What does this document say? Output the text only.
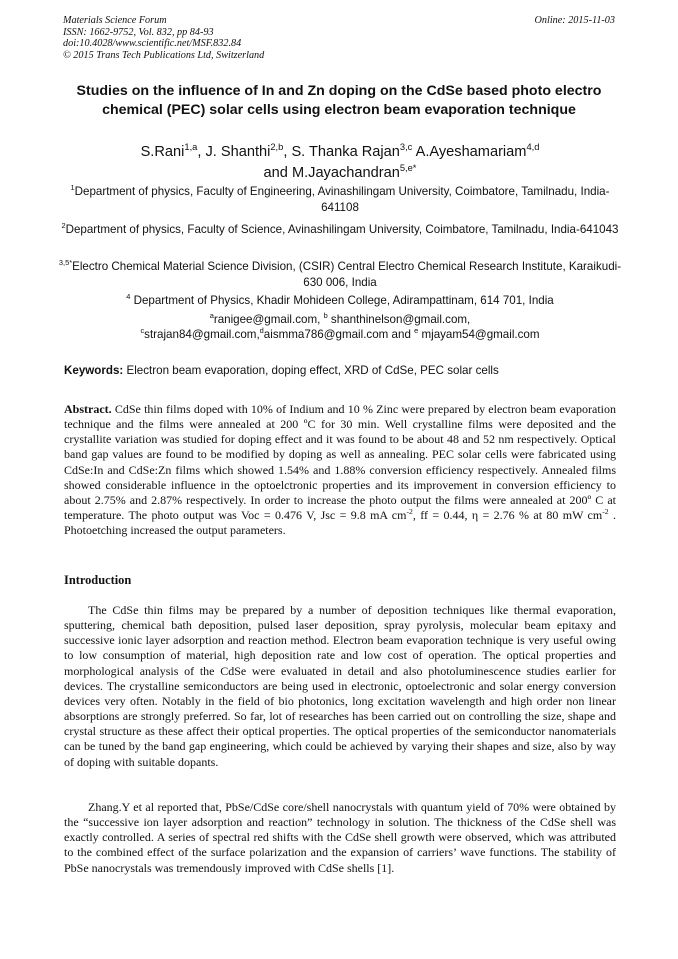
Materials Science Forum
ISSN: 1662-9752, Vol. 832, pp 84-93
doi:10.4028/www.scientific.net/MSF.832.84
© 2015 Trans Tech Publications Ltd, Switzerland
Online: 2015-11-03
Studies on the influence of In and Zn doping on the CdSe based photo electro chemical (PEC) solar cells using electron beam evaporation technique
S.Rani$^{1,a}$, J. Shanthi$^{2,b}$, S. Thanka Rajan$^{3,c}$ A.Ayeshamariam$^{4,d}$
and M.Jayachandran$^{5,e*}$
$^1$Department of physics, Faculty of Engineering, Avinashilingam University, Coimbatore, Tamilnadu, India-641108
$^2$Department of physics, Faculty of Science, Avinashilingam University, Coimbatore, Tamilnadu, India-641043
$^{3,5*}$Electro Chemical Material Science Division, (CSIR) Central Electro Chemical Research Institute, Karaikudi-630 006, India
$^4$ Department of Physics, Khadir Mohideen College, Adirampattinam, 614 701, India
$^a$ranigee@gmail.com, $^b$ shanthinelson@gmail.com,
$^c$strajan84@gmail.com,$^d$aismma786@gmail.com and $^e$ mjayam54@gmail.com
Keywords: Electron beam evaporation, doping effect, XRD of CdSe, PEC solar cells

Abstract. CdSe thin films doped with 10% of Indium and 10 % Zinc were prepared by electron beam evaporation technique and the films were annealed at 200 ºC for 30 min. Well crystalline films were deposited and the crystallite variation was studied for doping effect and it was found to be about 48 and 52 nm respectively. Optical band gap values are found to be modified by doping as well as annealing. PEC solar cells were fabricated using CdSe:In and CdSe:Zn films which showed 1.54% and 1.88% conversion efficiency respectively. Annealed films showed considerable influence in the optoelctronic properties and its improvement in conversion efficiency to about 2.75% and 2.87% respectively. In order to increase the photo output the films were annealed at 200º C at temperature. The photo output was Voc = 0.476 V, Jsc = 9.8 mA $cm^{-2}$, ff = 0.44, η = 2.76 % at 80 mW $cm^{-2}$ . Photoetching increased the output parameters.

Introduction

The CdSe thin films may be prepared by a number of deposition techniques like thermal evaporation, sputtering, chemical bath deposition, pulsed laser deposition, spray pyrolysis, molecular beam epitaxy and successive ionic layer adsorption and reaction method. Electron beam evaporation technique is very useful owing to low consumption of material, high deposition rate and low cost of operation. The optical properties and morphological analysis of the CdSe were evaluated in detail and also photoluminescence studies earlier for devices. The crystalline semiconductors are being used in electronic, optoelectronic and solar energy conversion devices very often. Notably in the field of bio photonics, long excitation wavelength and high order non linear absorptions are strongly preferred. So far, lot of researches has been carried out on controlling the size, shape and crystal structure as these affect their optical properties. The optical properties of the semiconductor nanomaterials can be tuned by the band gap engineering, which could be achieved by varying their shapes and size, also by way of doping with suitable dopants.

Zhang.Y et al reported that, PbSe/CdSe core/shell nanocrystals with quantum yield of 70% were obtained by the “successive ion layer adsorption and reaction” technology in solution. The thickness of the CdSe shell was exactly controlled. A series of spectral red shifts with the CdSe shell growth were observed, which was attributed to the combined effect of the surface polarization and the expansion of carriers’ wave functions. The stability of PbSe nanocrystals was tremendously improved with CdSe shells [1].
